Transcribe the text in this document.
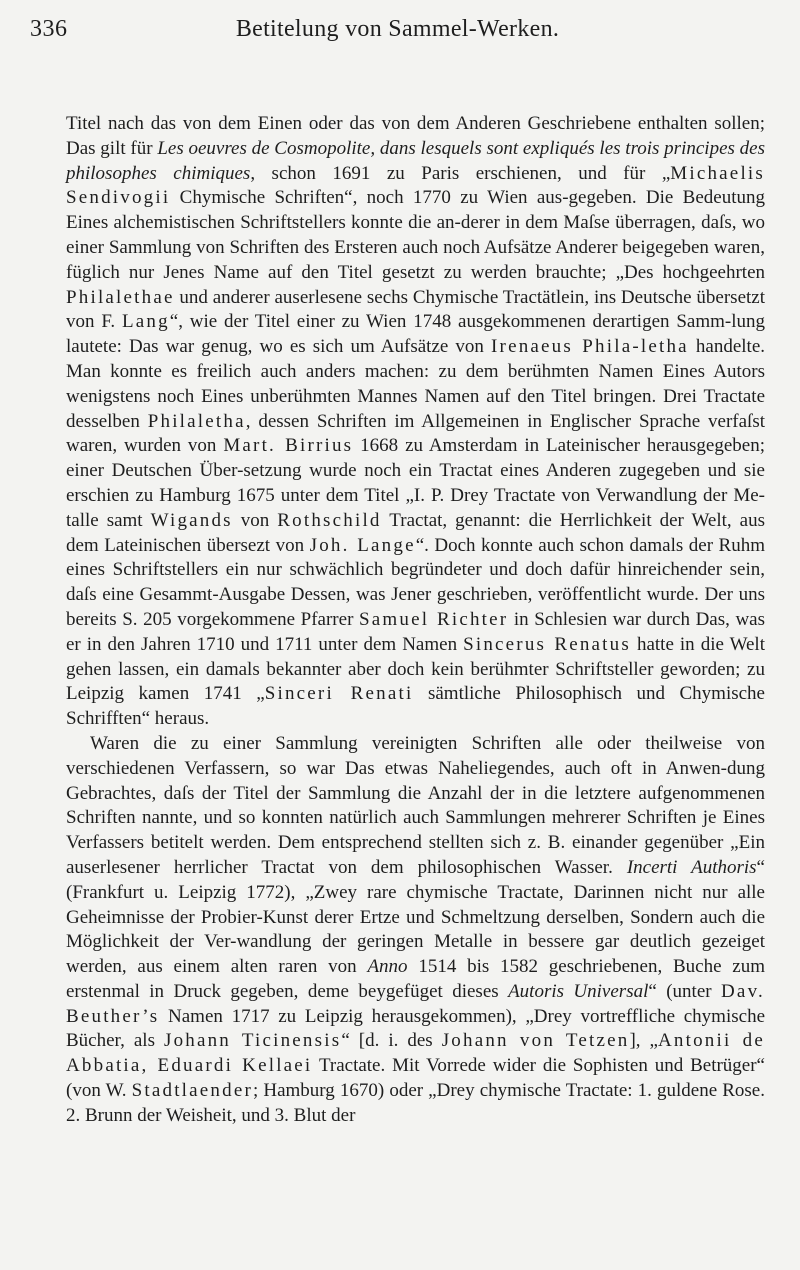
336	Betitelung von Sammel-Werken.

Titel nach das von dem Einen oder das von dem Anderen Geschriebene enthalten sollen; Das gilt für Les oeuvres de Cosmopolite, dans lesquels sont expliqués les trois principes des philosophes chimiques, schon 1691 zu Paris erschienen, und für „Michaelis Sendivogii Chymische Schriften“, noch 1770 zu Wien aus-gegeben. Die Bedeutung Eines alchemistischen Schriftstellers konnte die an-derer in dem Maſse überragen, daſs, wo einer Sammlung von Schriften des Ersteren auch noch Aufsätze Anderer beigegeben waren, füglich nur Jenes Name auf den Titel gesetzt zu werden brauchte; „Des hochgeehrten Philalethae und anderer auserlesene sechs Chymische Tractätlein, ins Deutsche übersetzt von F. Lang“, wie der Titel einer zu Wien 1748 ausgekommenen derartigen Samm-lung lautete: Das war genug, wo es sich um Aufsätze von Irenaeus Phila-letha handelte. Man konnte es freilich auch anders machen: zu dem berühmten Namen Eines Autors wenigstens noch Eines unberühmten Mannes Namen auf den Titel bringen. Drei Tractate desselben Philaletha, dessen Schriften im Allgemeinen in Englischer Sprache verfaſst waren, wurden von Mart. Birrius 1668 zu Amsterdam in Lateinischer herausgegeben; einer Deutschen Über-setzung wurde noch ein Tractat eines Anderen zugegeben und sie erschien zu Hamburg 1675 unter dem Titel „I. P. Drey Tractate von Verwandlung der Me-talle samt Wigands von Rothschild Tractat, genannt: die Herrlichkeit der Welt, aus dem Lateinischen übersezt von Joh. Lange“. Doch konnte auch schon damals der Ruhm eines Schriftstellers ein nur schwächlich begründeter und doch dafür hinreichender sein, daſs eine Gesammt-Ausgabe Dessen, was Jener geschrieben, veröffentlicht wurde. Der uns bereits S. 205 vorgekommene Pfarrer Samuel Richter in Schlesien war durch Das, was er in den Jahren 1710 und 1711 unter dem Namen Sincerus Renatus hatte in die Welt gehen lassen, ein damals bekannter aber doch kein berühmter Schriftsteller geworden; zu Leipzig kamen 1741 „Sinceri Renati sämtliche Philosophisch und Chymische Schrifften“ heraus.

Waren die zu einer Sammlung vereinigten Schriften alle oder theilweise von verschiedenen Verfassern, so war Das etwas Naheliegendes, auch oft in Anwen-dung Gebrachtes, daſs der Titel der Sammlung die Anzahl der in die letztere aufgenommenen Schriften nannte, und so konnten natürlich auch Sammlungen mehrerer Schriften je Eines Verfassers betitelt werden. Dem entsprechend stellten sich z. B. einander gegenüber „Ein auserlesener herrlicher Tractat von dem philosophischen Wasser. Incerti Authoris“ (Frankfurt u. Leipzig 1772), „Zwey rare chymische Tractate, Darinnen nicht nur alle Geheimnisse der Probier-Kunst derer Ertze und Schmeltzung derselben, Sondern auch die Möglichkeit der Ver-wandlung der geringen Metalle in bessere gar deutlich gezeiget werden, aus einem alten raren von Anno 1514 bis 1582 geschriebenen, Buche zum erstenmal in Druck gegeben, deme beygefüget dieses Autoris Universal“ (unter Dav. Beuther’s Namen 1717 zu Leipzig herausgekommen), „Drey vortreffliche chymische Bücher, als Johann Ticinensis“ [d. i. des Johann von Tetzen], „Antonii de Abbatia, Eduardi Kellaei Tractate. Mit Vorrede wider die Sophisten und Betrüger“ (von W. Stadtlaender; Hamburg 1670) oder „Drey chymische Tractate: 1. guldene Rose. 2. Brunn der Weisheit, und 3. Blut der
